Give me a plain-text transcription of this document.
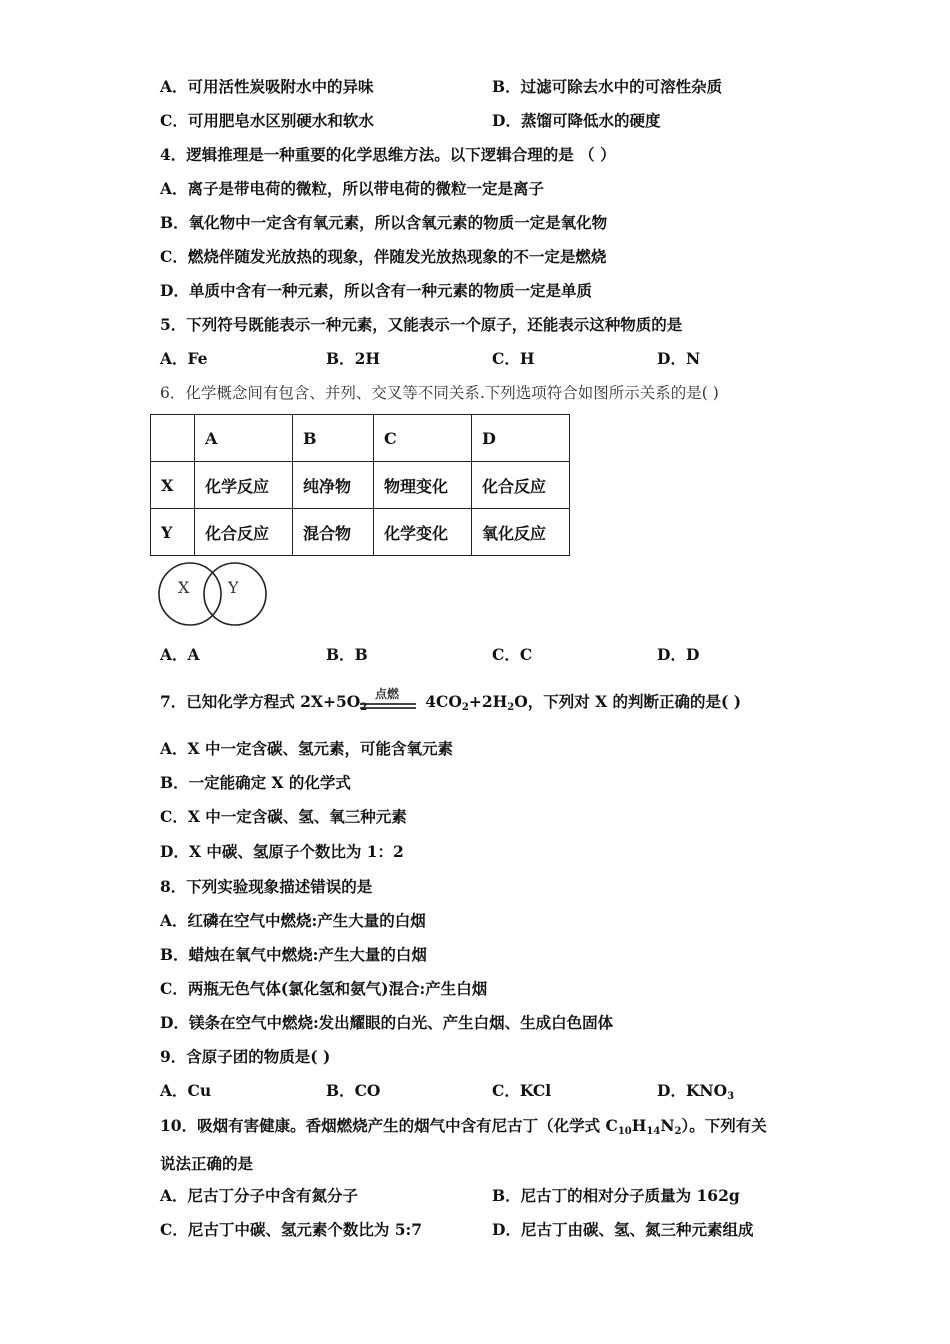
A．可用活性炭吸附水中的异味	B．过滤可除去水中的可溶性杂质
C．可用肥皂水区别硬水和软水	D．蒸馏可降低水的硬度
4．逻辑推理是一种重要的化学思维方法。以下逻辑合理的是 （ ）
A．离子是带电荷的微粒，所以带电荷的微粒一定是离子
B．氧化物中一定含有氧元素，所以含氧元素的物质一定是氧化物
C．燃烧伴随发光放热的现象，伴随发光放热现象的不一定是燃烧
D．单质中含有一种元素，所以含有一种元素的物质一定是单质
5．下列符号既能表示一种元素，又能表示一个原子，还能表示这种物质的是
A．Fe	B．2H	C．H	D．N
6．化学概念间有包含、并列、交叉等不同关系.下列选项符合如图所示关系的是( )
	A	B	C	D
X	化学反应	纯净物	物理变化	化合反应
Y	化合反应	混合物	化学变化	氧化反应
X Y
A．A	B．B	C．C	D．D
点燃
7．已知化学方程式 $2X+5O_2$	$4CO_2+2H_2O$，下列对 X 的判断正确的是( )
A．X 中一定含碳、氢元素，可能含氧元素
B．一定能确定 X 的化学式
C．X 中一定含碳、氢、氧三种元素
D．X 中碳、氢原子个数比为 1：2
8．下列实验现象描述错误的是
A．红磷在空气中燃烧:产生大量的白烟
B．蜡烛在氧气中燃烧:产生大量的白烟
C．两瓶无色气体(氯化氢和氨气)混合:产生白烟
D．镁条在空气中燃烧:发出耀眼的白光、产生白烟、生成白色固体
9．含原子团的物质是( )
A．Cu	B．CO	C．KCl	D．$KNO_3$
10．吸烟有害健康。香烟燃烧产生的烟气中含有尼古丁（化学式 $C_{10}H_{14}N_2$）。下列有关
说法正确的是
A．尼古丁分子中含有氮分子	B．尼古丁的相对分子质量为 162g
C．尼古丁中碳、氢元素个数比为 5:7	D．尼古丁由碳、氢、氮三种元素组成
